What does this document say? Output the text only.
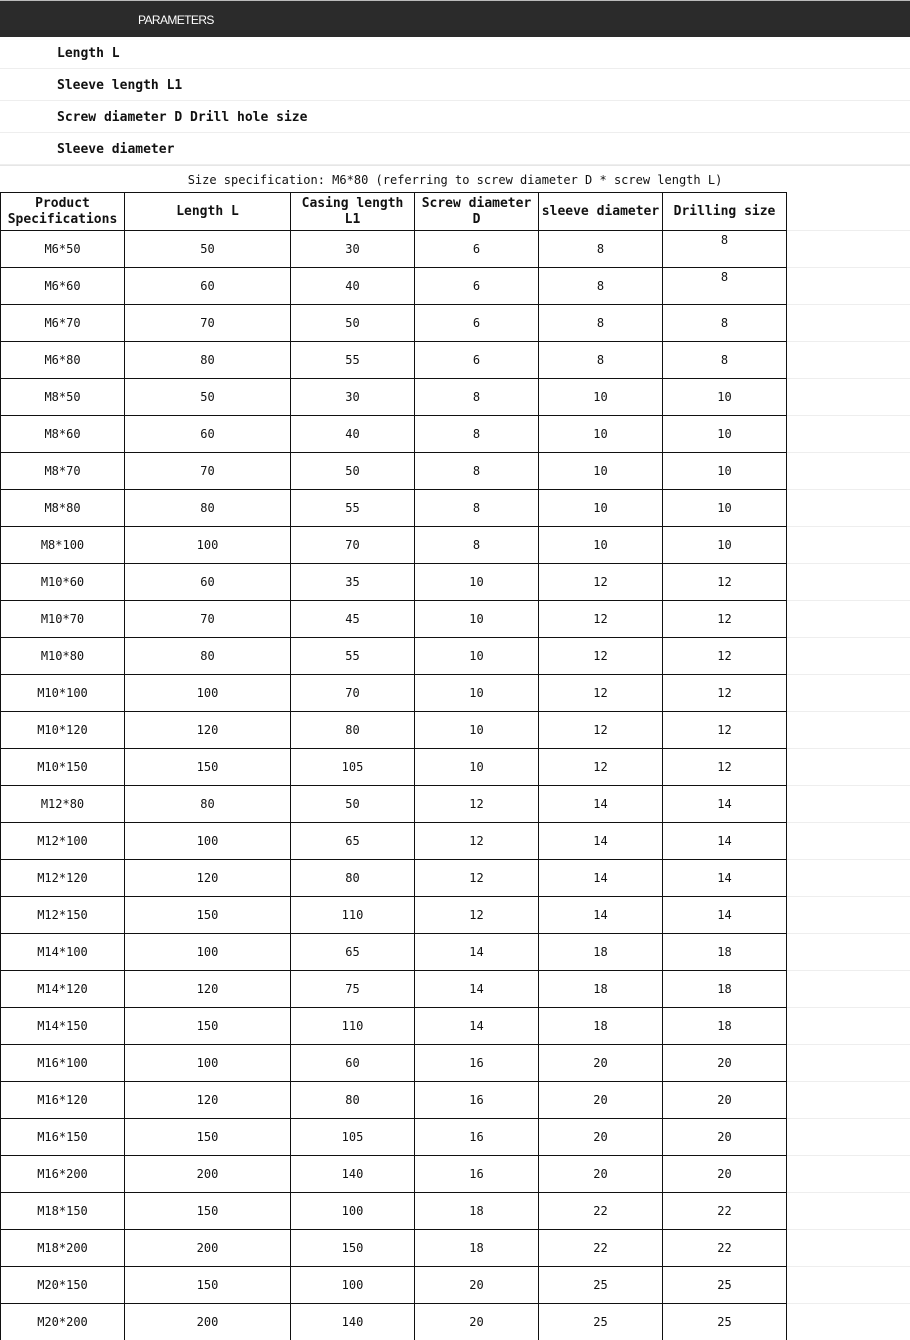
PARAMETERS
Length L
Sleeve length L1
Screw diameter D Drill hole size
Sleeve diameter
Size specification: M6*80 (referring to screw diameter D * screw length L)
Product Specifications	Length L	Casing length L1	Screw diameter D	sleeve diameter	Drilling size	
M6*50	50	30	6	8	8	
M6*60	60	40	6	8	8	
M6*70	70	50	6	8	8	
M6*80	80	55	6	8	8	
M8*50	50	30	8	10	10	
M8*60	60	40	8	10	10	
M8*70	70	50	8	10	10	
M8*80	80	55	8	10	10	
M8*100	100	70	8	10	10	
M10*60	60	35	10	12	12	
M10*70	70	45	10	12	12	
M10*80	80	55	10	12	12	
M10*100	100	70	10	12	12	
M10*120	120	80	10	12	12	
M10*150	150	105	10	12	12	
M12*80	80	50	12	14	14	
M12*100	100	65	12	14	14	
M12*120	120	80	12	14	14	
M12*150	150	110	12	14	14	
M14*100	100	65	14	18	18	
M14*120	120	75	14	18	18	
M14*150	150	110	14	18	18	
M16*100	100	60	16	20	20	
M16*120	120	80	16	20	20	
M16*150	150	105	16	20	20	
M16*200	200	140	16	20	20	
M18*150	150	100	18	22	22	
M18*200	200	150	18	22	22	
M20*150	150	100	20	25	25	
M20*200	200	140	20	25	25	
